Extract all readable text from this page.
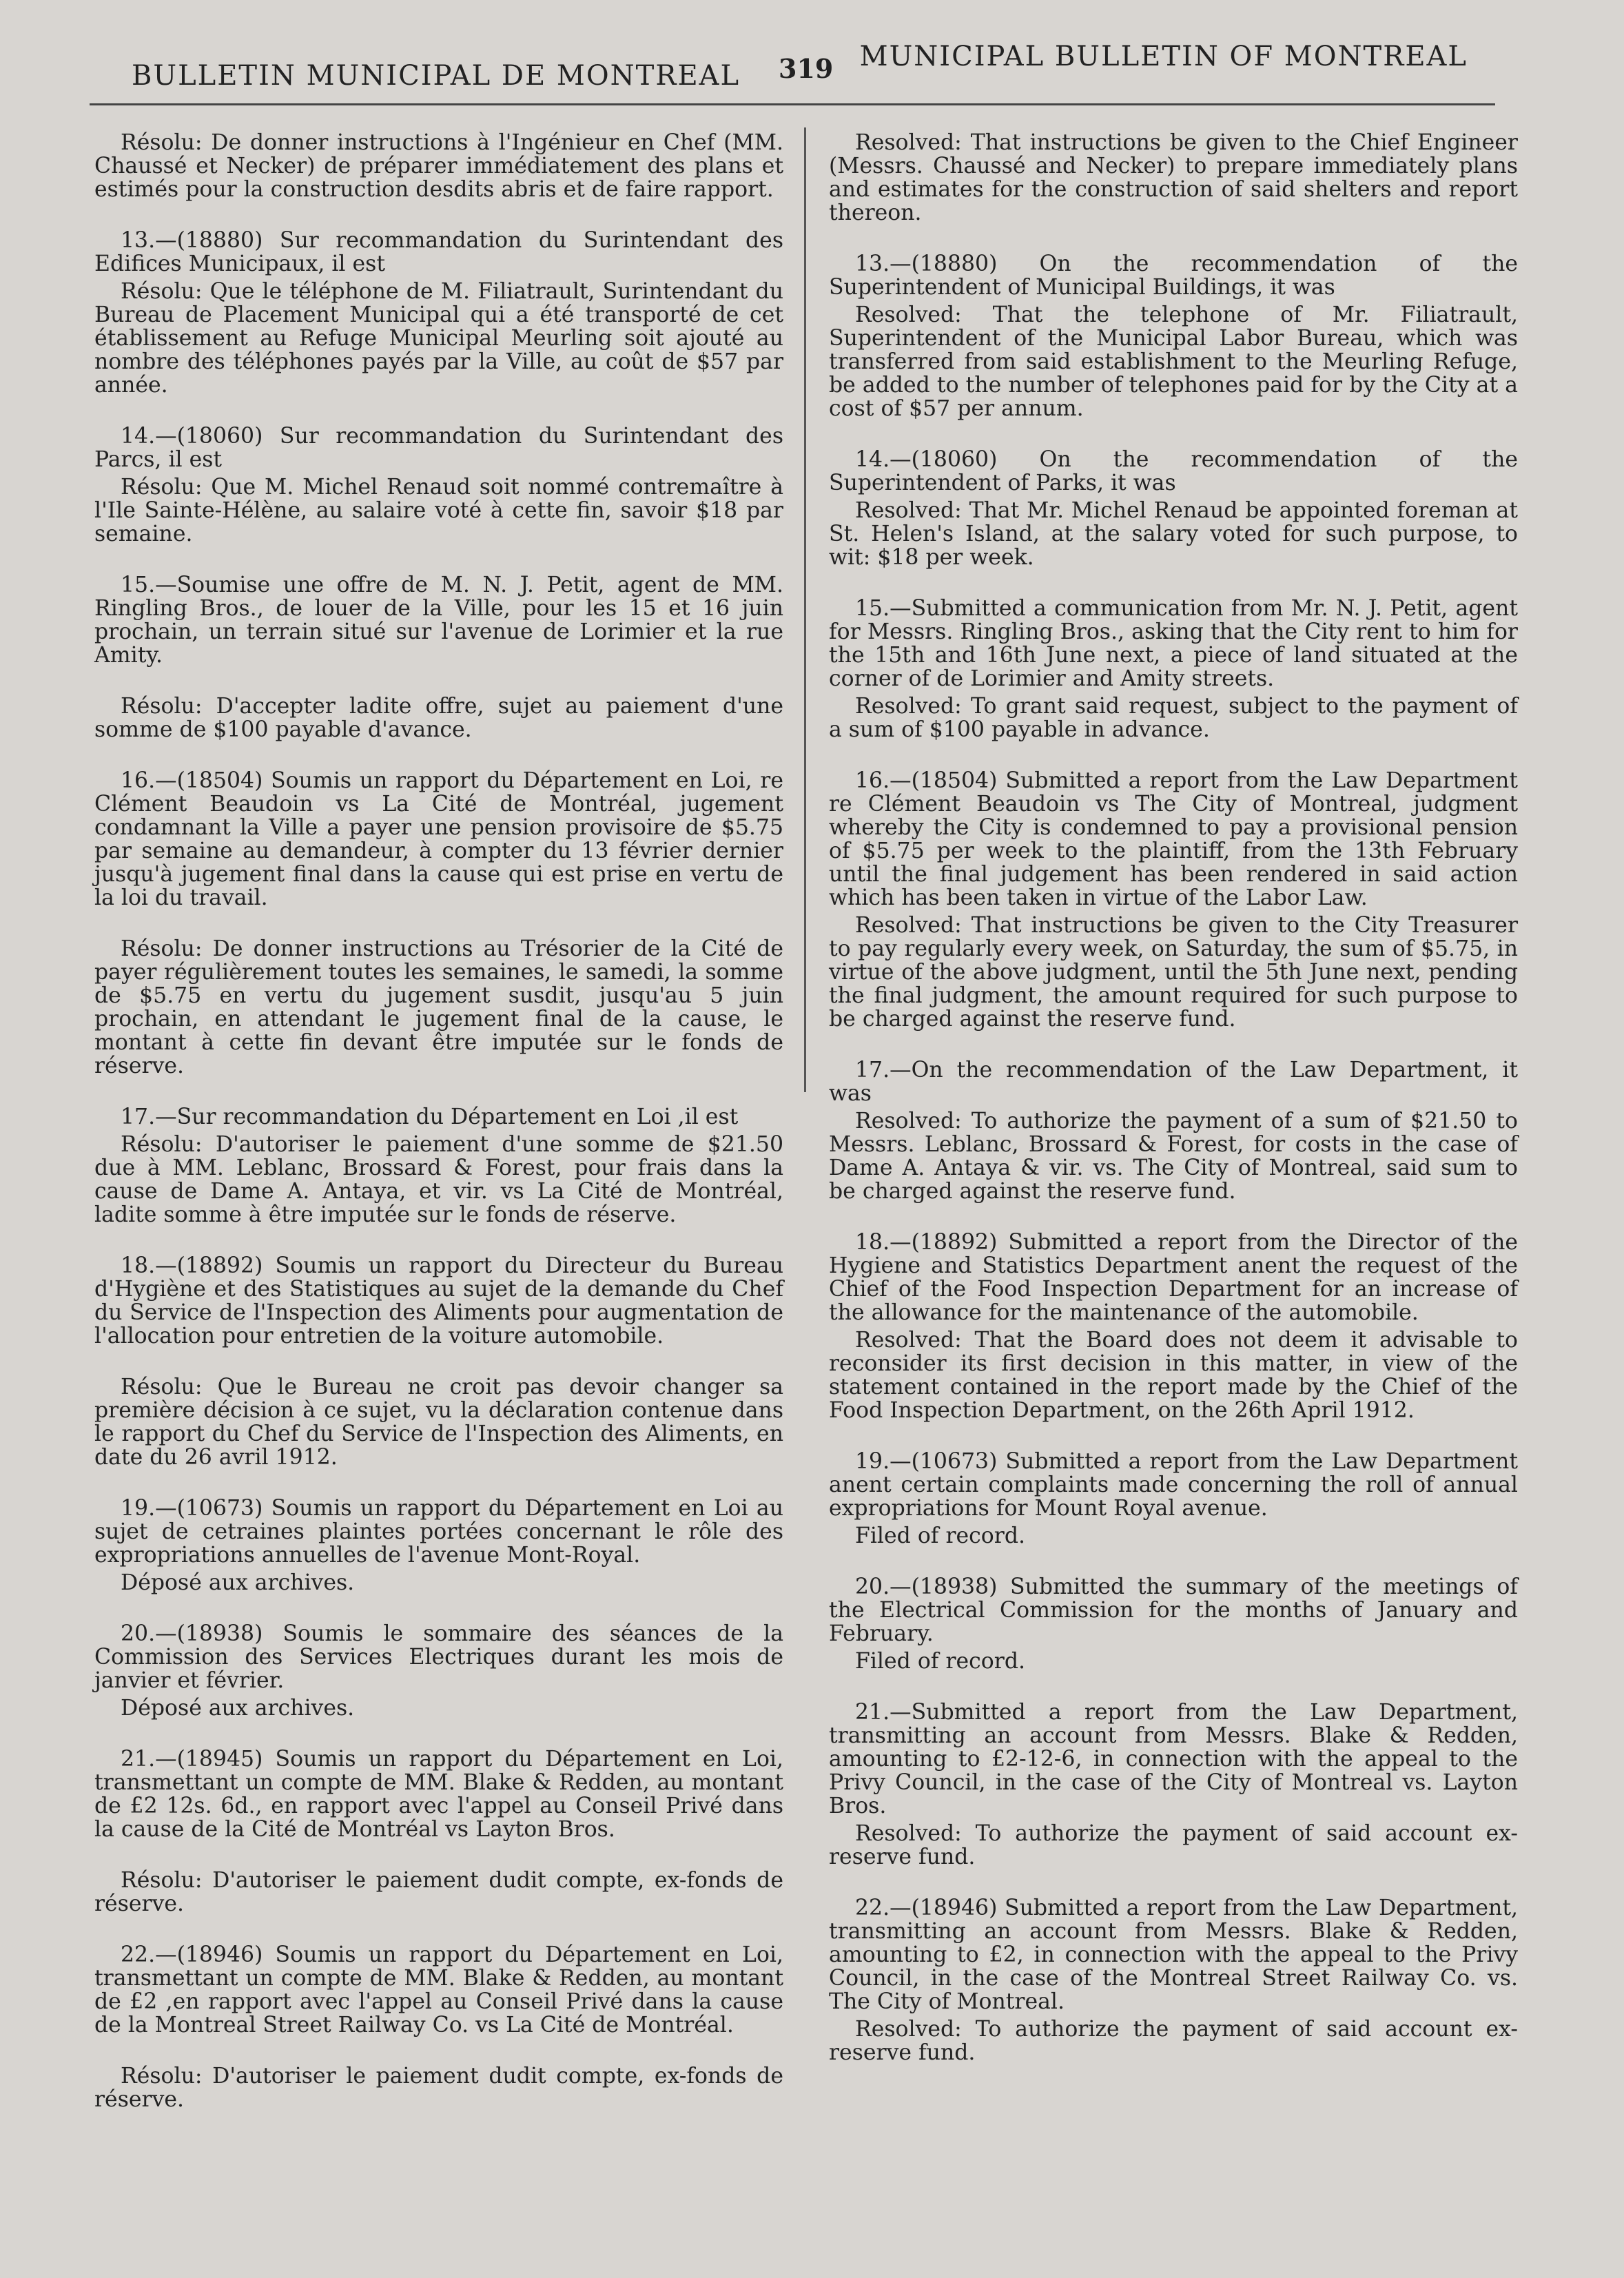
BULLETIN MUNICIPAL DE MONTREAL 319 MUNICIPAL BULLETIN OF MONTREAL

Résolu: De donner instructions à l'Ingénieur en Chef (MM. Chaussé et Necker) de préparer immédiatement des plans et estimés pour la construction desdits abris et de faire rapport.

13.—(18880) Sur recommandation du Surintendant des Edifices Municipaux, il est

Résolu: Que le téléphone de M. Filiatrault, Surintendant du Bureau de Placement Municipal qui a été transporté de cet établissement au Refuge Municipal Meurling soit ajouté au nombre des téléphones payés par la Ville, au coût de $57 par année.

14.—(18060) Sur recommandation du Surintendant des Parcs, il est

Résolu: Que M. Michel Renaud soit nommé contremaître à l'Ile Sainte-Hélène, au salaire voté à cette fin, savoir $18 par semaine.

15.—Soumise une offre de M. N. J. Petit, agent de MM. Ringling Bros., de louer de la Ville, pour les 15 et 16 juin prochain, un terrain situé sur l'avenue de Lorimier et la rue Amity.

Résolu: D'accepter ladite offre, sujet au paiement d'une somme de $100 payable d'avance.

16.—(18504) Soumis un rapport du Département en Loi, re Clément Beaudoin vs La Cité de Montréal, jugement condamnant la Ville a payer une pension provisoire de $5.75 par semaine au demandeur, à compter du 13 février dernier jusqu'à jugement final dans la cause qui est prise en vertu de la loi du travail.

Résolu: De donner instructions au Trésorier de la Cité de payer régulièrement toutes les semaines, le samedi, la somme de $5.75 en vertu du jugement susdit, jusqu'au 5 juin prochain, en attendant le jugement final de la cause, le montant à cette fin devant être imputée sur le fonds de réserve.

17.—Sur recommandation du Département en Loi ,il est

Résolu: D'autoriser le paiement d'une somme de $21.50 due à MM. Leblanc, Brossard & Forest, pour frais dans la cause de Dame A. Antaya, et vir. vs La Cité de Montréal, ladite somme à être imputée sur le fonds de réserve.

18.—(18892) Soumis un rapport du Directeur du Bureau d'Hygiène et des Statistiques au sujet de la demande du Chef du Service de l'Inspection des Aliments pour augmentation de l'allocation pour entretien de la voiture automobile.

Résolu: Que le Bureau ne croit pas devoir changer sa première décision à ce sujet, vu la déclaration contenue dans le rapport du Chef du Service de l'Inspection des Aliments, en date du 26 avril 1912.

19.—(10673) Soumis un rapport du Département en Loi au sujet de cetraines plaintes portées concernant le rôle des expropriations annuelles de l'avenue Mont-Royal.

Déposé aux archives.

20.—(18938) Soumis le sommaire des séances de la Commission des Services Electriques durant les mois de janvier et février.

Déposé aux archives.

21.—(18945) Soumis un rapport du Département en Loi, transmettant un compte de MM. Blake & Redden, au montant de £2 12s. 6d., en rapport avec l'appel au Conseil Privé dans la cause de la Cité de Montréal vs Layton Bros.

Résolu: D'autoriser le paiement dudit compte, ex-fonds de réserve.

22.—(18946) Soumis un rapport du Département en Loi, transmettant un compte de MM. Blake & Redden, au montant de £2 ,en rapport avec l'appel au Conseil Privé dans la cause de la Montreal Street Railway Co. vs La Cité de Montréal.

Résolu: D'autoriser le paiement dudit compte, ex-fonds de réserve.

Resolved: That instructions be given to the Chief Engineer (Messrs. Chaussé and Necker) to prepare immediately plans and estimates for the construction of said shelters and report thereon.

13.—(18880) On the recommendation of the Superintendent of Municipal Buildings, it was

Resolved: That the telephone of Mr. Filiatrault, Superintendent of the Municipal Labor Bureau, which was transferred from said establishment to the Meurling Refuge, be added to the number of telephones paid for by the City at a cost of $57 per annum.

14.—(18060) On the recommendation of the Superintendent of Parks, it was

Resolved: That Mr. Michel Renaud be appointed foreman at St. Helen's Island, at the salary voted for such purpose, to wit: $18 per week.

15.—Submitted a communication from Mr. N. J. Petit, agent for Messrs. Ringling Bros., asking that the City rent to him for the 15th and 16th June next, a piece of land situated at the corner of de Lorimier and Amity streets.

Resolved: To grant said request, subject to the payment of a sum of $100 payable in advance.

16.—(18504) Submitted a report from the Law Department re Clément Beaudoin vs The City of Montreal, judgment whereby the City is condemned to pay a provisional pension of $5.75 per week to the plaintiff, from the 13th February until the final judgement has been rendered in said action which has been taken in virtue of the Labor Law.

Resolved: That instructions be given to the City Treasurer to pay regularly every week, on Saturday, the sum of $5.75, in virtue of the above judgment, until the 5th June next, pending the final judgment, the amount required for such purpose to be charged against the reserve fund.

17.—On the recommendation of the Law Department, it was

Resolved: To authorize the payment of a sum of $21.50 to Messrs. Leblanc, Brossard & Forest, for costs in the case of Dame A. Antaya & vir. vs. The City of Montreal, said sum to be charged against the reserve fund.

18.—(18892) Submitted a report from the Director of the Hygiene and Statistics Department anent the request of the Chief of the Food Inspection Department for an increase of the allowance for the maintenance of the automobile.

Resolved: That the Board does not deem it advisable to reconsider its first decision in this matter, in view of the statement contained in the report made by the Chief of the Food Inspection Department, on the 26th April 1912.

19.—(10673) Submitted a report from the Law Department anent certain complaints made concerning the roll of annual expropriations for Mount Royal avenue.

Filed of record.

20.—(18938) Submitted the summary of the meetings of the Electrical Commission for the months of January and February.

Filed of record.

21.—Submitted a report from the Law Department, transmitting an account from Messrs. Blake & Redden, amounting to £2-12-6, in connection with the appeal to the Privy Council, in the case of the City of Montreal vs. Layton Bros.

Resolved: To authorize the payment of said account ex-reserve fund.

22.—(18946) Submitted a report from the Law Department, transmitting an account from Messrs. Blake & Redden, amounting to £2, in connection with the appeal to the Privy Council, in the case of the Montreal Street Railway Co. vs. The City of Montreal.

Resolved: To authorize the payment of said account ex-reserve fund.
